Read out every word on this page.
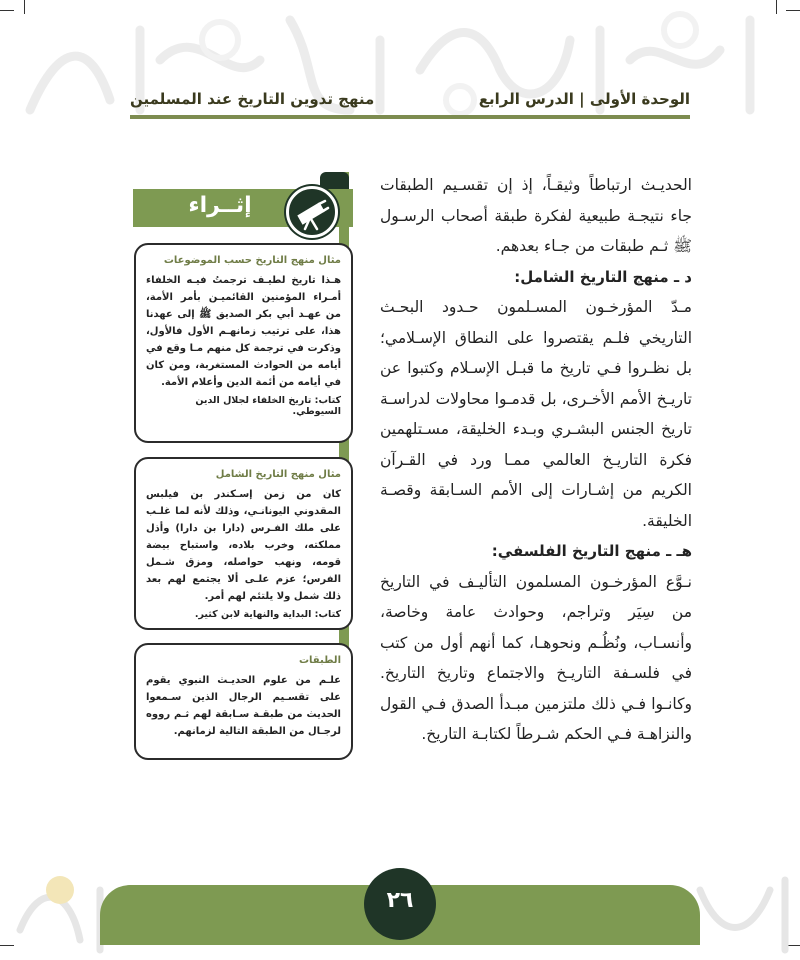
الوحدة الأولى | الدرس الرابع
منهج تدوين التاريخ عند المسلمين

الحديـث ارتباطاً وثيقـاً، إذ إن تقسـيم الطبقات جاء نتيجـة طبيعية لفكرة طبقة أصحاب الرسـول ﷺ ثـم طبقات من جـاء بعدهم.

د ـ منهج التاريخ الشامل:

مـدّ المؤرخـون المسـلمون حـدود البحـث التاريخي فلـم يقتصروا على النطاق الإسـلامي؛ بل نظـروا فـي تاريخ ما قبـل الإسـلام وكتبوا عن تاريـخ الأمم الأخـرى، بل قدمـوا محاولات لدراسـة تاريخ الجنس البشـري وبـدء الخليقة، مسـتلهمين فكرة التاريـخ العالمي ممـا ورد في القـرآن الكريم من إشـارات إلى الأمم السـابقة وقصـة الخليقة.

هـ ـ منهج التاريخ الفلسفي:

نـوَّع المؤرخـون المسلمون التأليـف في التاريخ من سِيَر وتراجم، وحوادث عامة وخاصة، وأنسـاب، ونُظُـم ونحوهـا، كما أنهم أول من كتب في فلسـفة التاريـخ والاجتماع وتاريخ التاريخ. وكانـوا فـي ذلك ملتزمين مبـدأ الصدق فـي القول والنزاهـة فـي الحكم شـرطاً لكتابـة التاريخ.

إثــراء
مثال منهج التاريخ حسب الموضوعات
هـذا تاريخ لطيـف ترجمتُ فيـه الخلفاء أمـراء المؤمنين القائميـن بأمر الأمة، من عهـد أبي بكر الصديق ﷺ إلى عهدنا هذا، على ترتيب زمانهـم الأول فالأول، وذكرت في ترجمة كل منهم مـا وقع في أيامه من الحوادث المستغربة، ومن كان في أيامه من أئمة الدين وأعلام الأمة.
كتاب: تاريخ الخلفاء لجلال الدين السيوطي.
مثال منهج التاريخ الشامل
كان من زمن إسـكندر بن فيلبس المقدوني اليونانـي، وذلك لأنه لما غلـب على ملك الفـرس (دارا بن دارا) وأذل مملكته، وخرب بلاده، واستباح بيضة قومه، ونهب حواصله، ومزق شـمل الفرس؛ عزم علـى ألا يجتمع لهم بعد ذلك شمل ولا يلتئم لهم أمر.
كتاب: البداية والنهاية لابن كثير.
الطبقات
علـم من علوم الحديـث النبوي يقوم على تقسـيم الرجال الذين سـمعوا الحديث من طبقـة سـابقة لهم ثـم رووه لرجـال من الطبقة التالية لزمانهم.
٢٦
